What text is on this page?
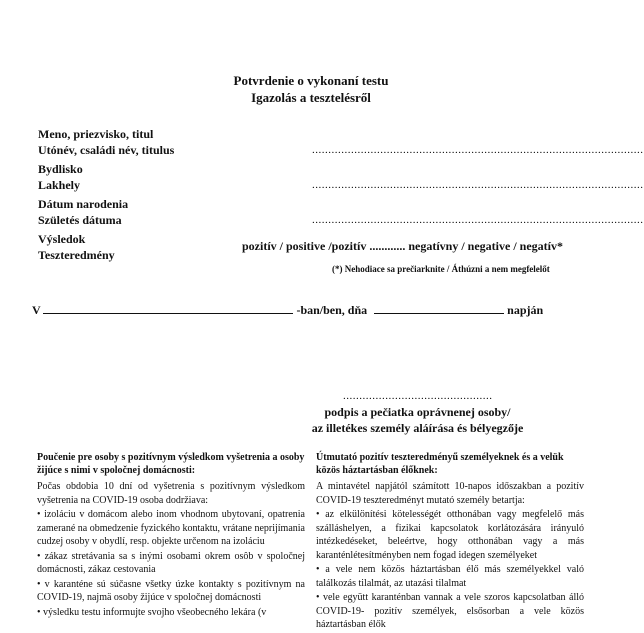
Potvrdenie o vykonaní testu
Igazolás a tesztelésről
Meno, priezvisko, titul
Utónév, családi név, titulus	......................................................................................................
Bydlisko
Lakhely	......................................................................................................
Dátum narodenia
Születés dátuma	......................................................................................................
Výsledok
Teszteredmény
pozitív / positive /pozitív ............ negatívny / negative / negatív*
(*) Nehodiace sa prečiarknite / Áthúzni a nem megfelelőt
V	-ban/ben, dňa	napján
..............................................
podpis a pečiatka oprávnenej osoby/
az illetékes személy aláírása és bélyegzője
Poučenie pre osoby s pozitívnym výsledkom vyšetrenia a osoby žijúce s nimi v spoločnej domácnosti:

Počas obdobia 10 dní od vyšetrenia s pozitívnym výsledkom vyšetrenia na COVID-19 osoba dodržiava:

• izoláciu v domácom alebo inom vhodnom ubytovaní, opatrenia zamerané na obmedzenie fyzického kontaktu, vrátane neprijímania cudzej osoby v obydlí, resp. objekte určenom na izoláciu

• zákaz stretávania sa s inými osobami okrem osôb v spoločnej domácnosti, zákaz cestovania

• v karanténe sú súčasne všetky úzke kontakty s pozitívnym na COVID-19, najmä osoby žijúce v spoločnej domácnosti

• výsledku testu informujte svojho všeobecného lekára (v

Útmutató pozitív teszteredményű személyeknek és a velük közös háztartásban élőknek:

A mintavétel napjától számított 10-napos időszakban a pozitív COVID-19 teszteredményt mutató személy betartja:

• az elkülönítési kötelességét otthonában vagy megfelelő más szálláshelyen, a fizikai kapcsolatok korlátozására irányuló intézkedéseket, beleértve, hogy otthonában vagy a más karanténlétesítményben nem fogad idegen személyeket

• a vele nem közös háztartásban élő más személyekkel való találkozás tilalmát, az utazási tilalmat

• vele együtt karanténban vannak a vele szoros kapcsolatban álló COVID-19- pozitív személyek, elsősorban a vele közös háztartásban élők
